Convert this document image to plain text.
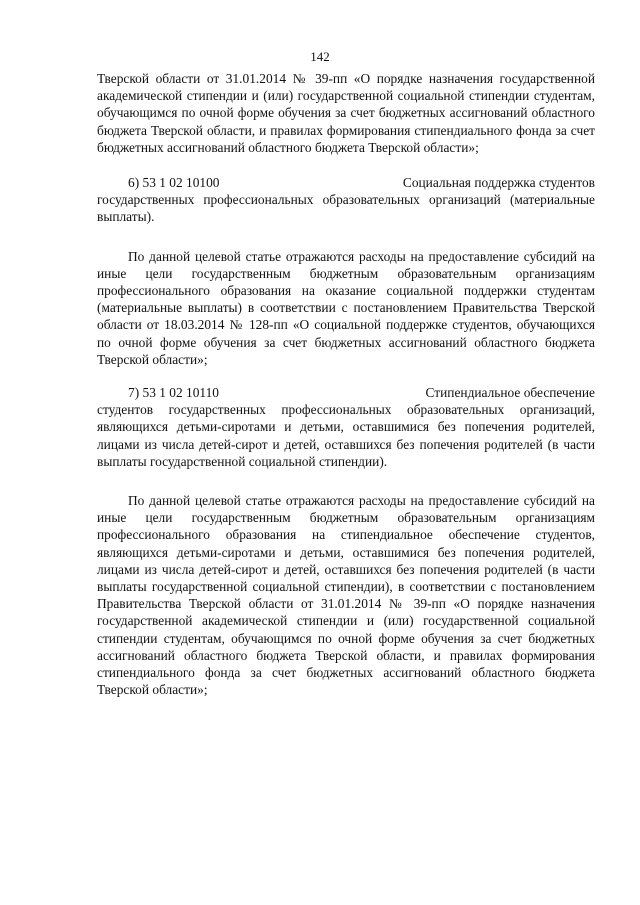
142

Тверской области от 31.01.2014 № 39-пп «О порядке назначения государственной академической стипендии и (или) государственной социальной стипендии студентам, обучающимся по очной форме обучения за счет бюджетных ассигнований областного бюджета Тверской области, и правилах формирования стипендиального фонда за счет бюджетных ассигнований областного бюджета Тверской области»;

6) 53 1 02 10100	Социальная поддержка студентов

государственных профессиональных образовательных организаций (материальные выплаты).

По данной целевой статье отражаются расходы на предоставление субсидий на иные цели государственным бюджетным образовательным организациям профессионального образования на оказание социальной поддержки студентам (материальные выплаты) в соответствии с постановлением Правительства Тверской области от 18.03.2014 № 128-пп «О социальной поддержке студентов, обучающихся по очной форме обучения за счет бюджетных ассигнований областного бюджета Тверской области»;

7) 53 1 02 10110	Стипендиальное обеспечение

студентов государственных профессиональных образовательных организаций, являющихся детьми-сиротами и детьми, оставшимися без попечения родителей, лицами из числа детей-сирот и детей, оставшихся без попечения родителей (в части выплаты государственной социальной стипендии).

По данной целевой статье отражаются расходы на предоставление субсидий на иные цели государственным бюджетным образовательным организациям профессионального образования на стипендиальное обеспечение студентов, являющихся детьми-сиротами и детьми, оставшимися без попечения родителей, лицами из числа детей-сирот и детей, оставшихся без попечения родителей (в части выплаты государственной социальной стипендии), в соответствии с постановлением Правительства Тверской области от 31.01.2014 № 39-пп «О порядке назначения государственной академической стипендии и (или) государственной социальной стипендии студентам, обучающимся по очной форме обучения за счет бюджетных ассигнований областного бюджета Тверской области, и правилах формирования стипендиального фонда за счет бюджетных ассигнований областного бюджета Тверской области»;
